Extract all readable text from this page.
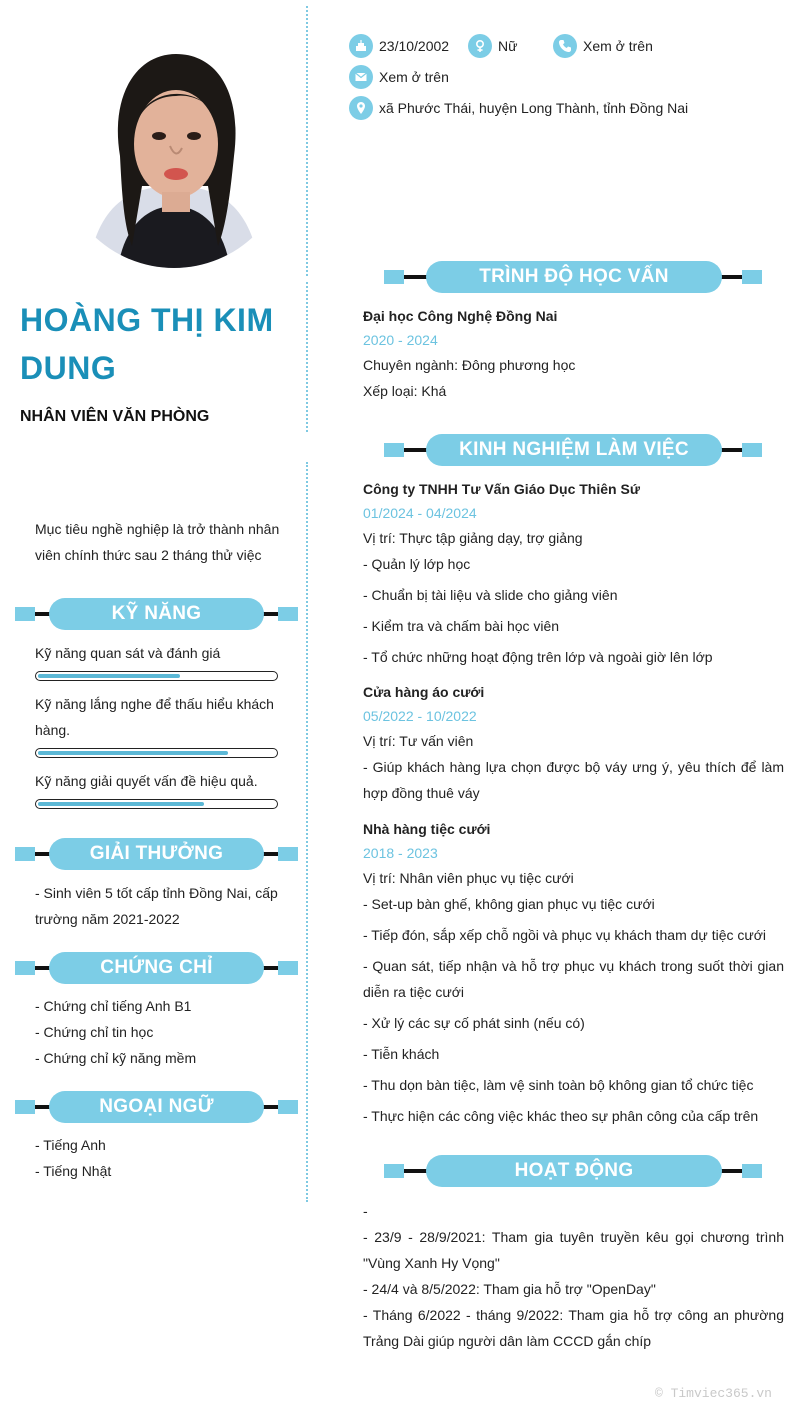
HOÀNG THỊ KIM DUNG
NHÂN VIÊN VĂN PHÒNG
Mục tiêu nghề nghiệp là trở thành nhân viên chính thức sau 2 tháng thử việc
KỸ NĂNG
Kỹ năng quan sát và đánh giá
Kỹ năng lắng nghe để thấu hiểu khách hàng.
Kỹ năng giải quyết vấn đề hiệu quả.
GIẢI THƯỞNG
- Sinh viên 5 tốt cấp tỉnh Đồng Nai, cấp trường năm 2021-2022
CHỨNG CHỈ
- Chứng chỉ tiếng Anh B1
- Chứng chỉ tin học
- Chứng chỉ kỹ năng mềm
NGOẠI NGỮ
- Tiếng Anh
- Tiếng Nhật
23/10/2002	Nữ	Xem ở trên
Xem ở trên
xã Phước Thái, huyện Long Thành, tỉnh Đồng Nai
TRÌNH ĐỘ HỌC VẤN
Đại học Công Nghệ Đồng Nai
2020 - 2024
Chuyên ngành: Đông phương học
Xếp loại: Khá
KINH NGHIỆM LÀM VIỆC
Công ty TNHH Tư Vấn Giáo Dục Thiên Sứ
01/2024 - 04/2024
Vị trí: Thực tập giảng dạy, trợ giảng

- Quản lý lớp học

- Chuẩn bị tài liệu và slide cho giảng viên

- Kiểm tra và chấm bài học viên

- Tổ chức những hoạt động trên lớp và ngoài giờ lên lớp

Cửa hàng áo cưới
05/2022 - 10/2022
Vị trí: Tư vấn viên

- Giúp khách hàng lựa chọn được bộ váy ưng ý, yêu thích để làm hợp đồng thuê váy

Nhà hàng tiệc cưới
2018 - 2023
Vị trí: Nhân viên phục vụ tiệc cưới

- Set-up bàn ghế, không gian phục vụ tiệc cưới

- Tiếp đón, sắp xếp chỗ ngồi và phục vụ khách tham dự tiệc cưới

- Quan sát, tiếp nhận và hỗ trợ phục vụ khách trong suốt thời gian diễn ra tiệc cưới

- Xử lý các sự cố phát sinh (nếu có)

- Tiễn khách

- Thu dọn bàn tiệc, làm vệ sinh toàn bộ không gian tổ chức tiệc

- Thực hiện các công việc khác theo sự phân công của cấp trên

HOẠT ĐỘNG
-
- 23/9 - 28/9/2021: Tham gia tuyên truyền kêu gọi chương trình "Vùng Xanh Hy Vọng"
- 24/4 và 8/5/2022: Tham gia hỗ trợ "OpenDay"
- Tháng 6/2022 - tháng 9/2022: Tham gia hỗ trợ công an phường Trảng Dài giúp người dân làm CCCD gắn chíp
© Timviec365.vn
